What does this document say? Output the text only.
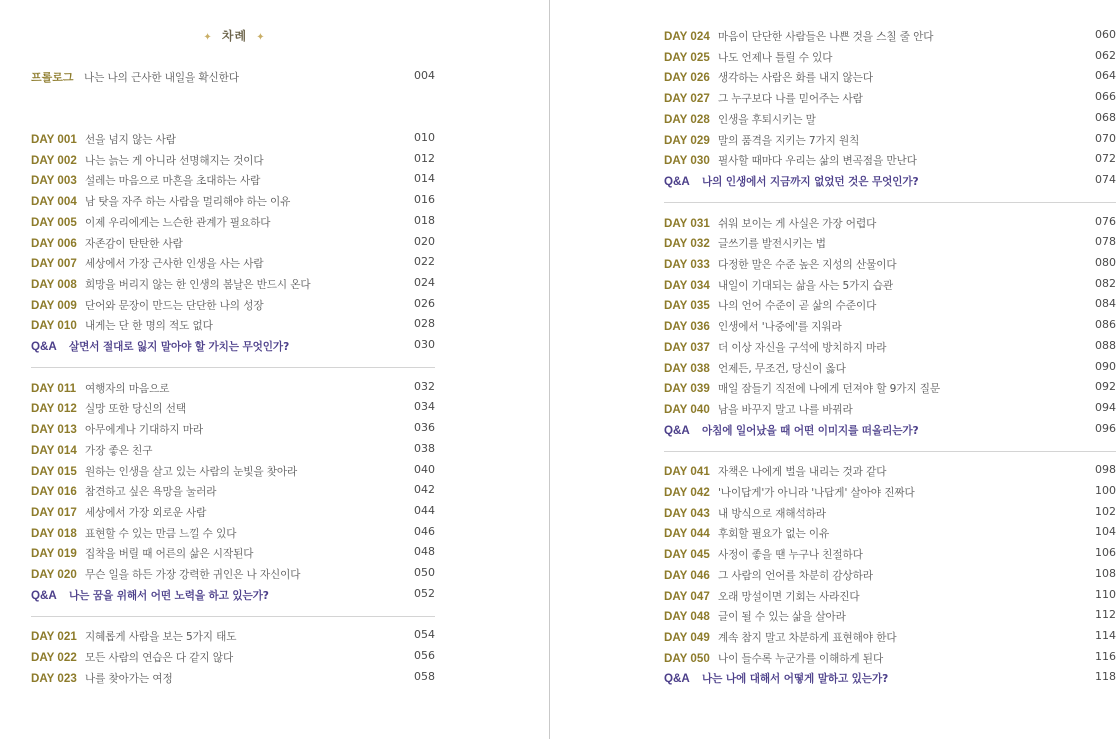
✦ 차례 ✦
프롤로그 나는 나의 근사한 내일을 확신한다	004
DAY 001 선을 넘지 않는 사람	010
DAY 002 나는 늙는 게 아니라 선명해지는 것이다	012
DAY 003 설레는 마음으로 마흔을 초대하는 사람	014
DAY 004 남 탓을 자주 하는 사람을 멀리해야 하는 이유	016
DAY 005 이제 우리에게는 느슨한 관계가 필요하다	018
DAY 006 자존감이 탄탄한 사람	020
DAY 007 세상에서 가장 근사한 인생을 사는 사람	022
DAY 008 희망을 버리지 않는 한 인생의 봄날은 반드시 온다	024
DAY 009 단어와 문장이 만드는 단단한 나의 성장	026
DAY 010 내게는 단 한 명의 적도 없다	028
Q&A 살면서 절대로 잃지 말아야 할 가치는 무엇인가?	030
DAY 011 여행자의 마음으로	032
DAY 012 실망 또한 당신의 선택	034
DAY 013 아무에게나 기대하지 마라	036
DAY 014 가장 좋은 친구	038
DAY 015 원하는 인생을 살고 있는 사람의 눈빛을 찾아라	040
DAY 016 참견하고 싶은 욕망을 눌러라	042
DAY 017 세상에서 가장 외로운 사람	044
DAY 018 표현할 수 있는 만큼 느낄 수 있다	046
DAY 019 집착을 버릴 때 어른의 삶은 시작된다	048
DAY 020 무슨 일을 하든 가장 강력한 귀인은 나 자신이다	050
Q&A 나는 꿈을 위해서 어떤 노력을 하고 있는가?	052
DAY 021 지혜롭게 사람을 보는 5가지 태도	054
DAY 022 모든 사람의 연습은 다 같지 않다	056
DAY 023 나를 찾아가는 여정	058
DAY 024 마음이 단단한 사람들은 나쁜 것을 스칠 줄 안다	060
DAY 025 나도 언제나 틀릴 수 있다	062
DAY 026 생각하는 사람은 화를 내지 않는다	064
DAY 027 그 누구보다 나를 믿어주는 사람	066
DAY 028 인생을 후퇴시키는 말	068
DAY 029 말의 품격을 지키는 7가지 원칙	070
DAY 030 필사할 때마다 우리는 삶의 변곡점을 만난다	072
Q&A 나의 인생에서 지금까지 없었던 것은 무엇인가?	074
DAY 031 쉬워 보이는 게 사실은 가장 어렵다	076
DAY 032 글쓰기를 발전시키는 법	078
DAY 033 다정한 말은 수준 높은 지성의 산물이다	080
DAY 034 내일이 기대되는 삶을 사는 5가지 습관	082
DAY 035 나의 언어 수준이 곧 삶의 수준이다	084
DAY 036 인생에서 '나중에'를 지워라	086
DAY 037 더 이상 자신을 구석에 방치하지 마라	088
DAY 038 언제든, 무조건, 당신이 옳다	090
DAY 039 매일 잠들기 직전에 나에게 던져야 할 9가지 질문	092
DAY 040 남을 바꾸지 말고 나를 바꿔라	094
Q&A 아침에 일어났을 때 어떤 이미지를 떠올리는가?	096
DAY 041 자책은 나에게 벌을 내리는 것과 같다	098
DAY 042 '나이답게'가 아니라 '나답게' 살아야 진짜다	100
DAY 043 내 방식으로 재해석하라	102
DAY 044 후회할 필요가 없는 이유	104
DAY 045 사정이 좋을 땐 누구나 친절하다	106
DAY 046 그 사람의 언어를 차분히 감상하라	108
DAY 047 오래 망설이면 기회는 사라진다	110
DAY 048 글이 될 수 있는 삶을 살아라	112
DAY 049 계속 참지 말고 차분하게 표현해야 한다	114
DAY 050 나이 들수록 누군가를 이해하게 된다	116
Q&A 나는 나에 대해서 어떻게 말하고 있는가?	118
